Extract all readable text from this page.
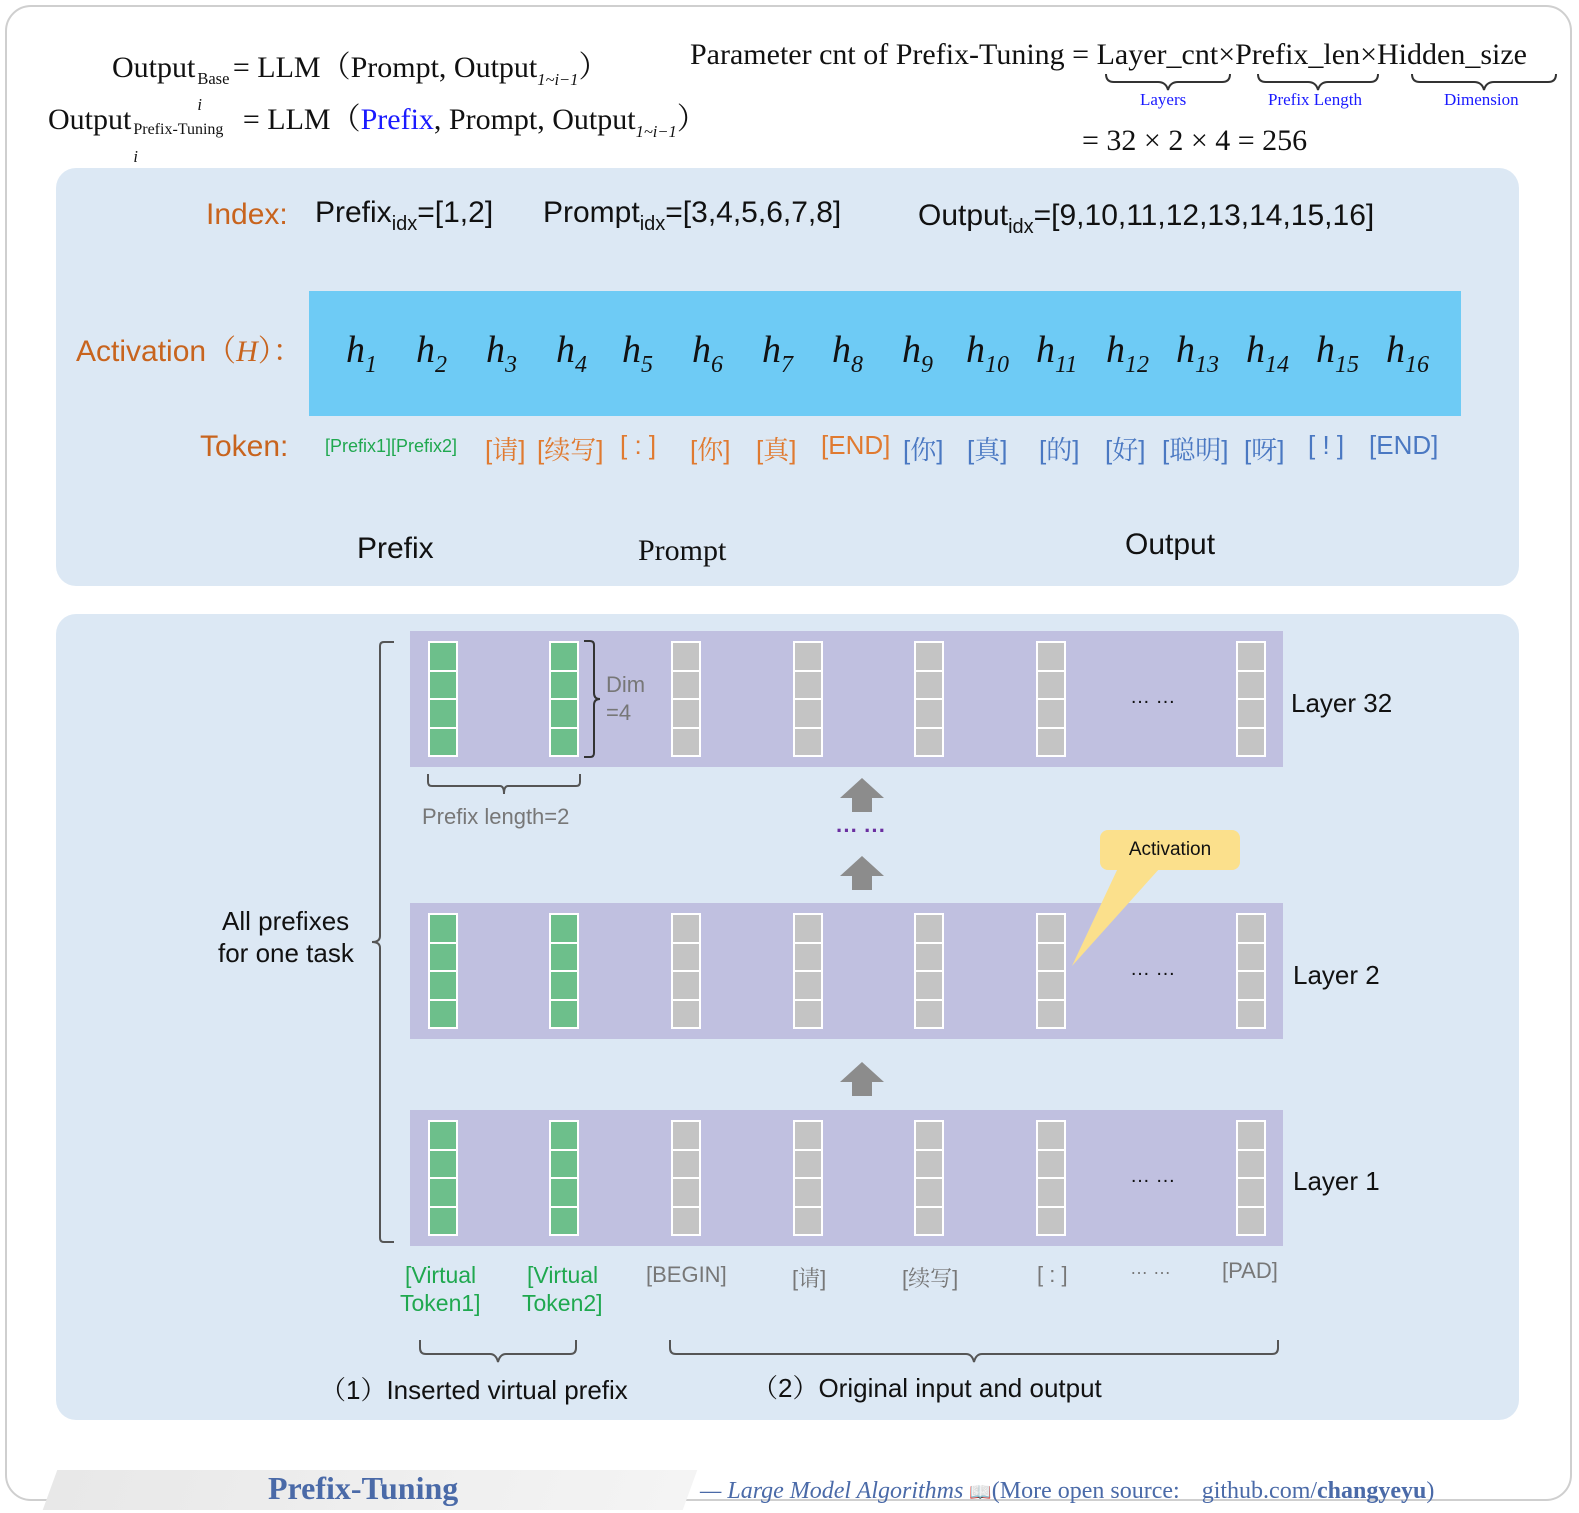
Output Base
i
= LLM（Prompt, Output$_{1\sim i-1}$）
Output Prefix-Tuning
i
= LLM（Prefix, Prompt, Output$_{1\sim i-1}$）
Parameter cnt of Prefix-Tuning = Layer_cnt×Prefix_len×Hidden_size
= 32 × 2 × 4 = 256
Layers	Prefix Length	Dimension
Index: Prefix$_{idx}$=[1,2] Prompt$_{idx}$=[3,4,5,6,7,8]	Output$_{idx}$=[9,10,11,12,13,14,15,16]
Activation（H）： $h_1$ $h_2$ $h_3$ $h_4$ $h_5$ $h_6$ $h_7$ $h_8$ $h_9$ $h_{10}$ $h_{11}$ $h_{12}$ $h_{13}$ $h_{14}$ $h_{15}$ $h_{16}$
Token: [Prefix1][Prefix2] [请] [续写] [ : ] [你] [真] [END] [你] [真] [的] [好] [聪明] [呀] [ ! ] [END]
Prefix	Prompt	Output
… …
… …
… …
Layer 32
Layer 2
Layer 1
Dim
=4
Prefix length=2
··· ···
Activation
All prefixes
for one task
[Virtual
Token1]
[Virtual
Token2]
[BEGIN]	[请]	[续写]	[ : ]	… … [PAD]
（1）Inserted virtual prefix	（2）Original input and output
Prefix-Tuning	— Large Model Algorithms 📖(More open source: github.com/changyeyu)
